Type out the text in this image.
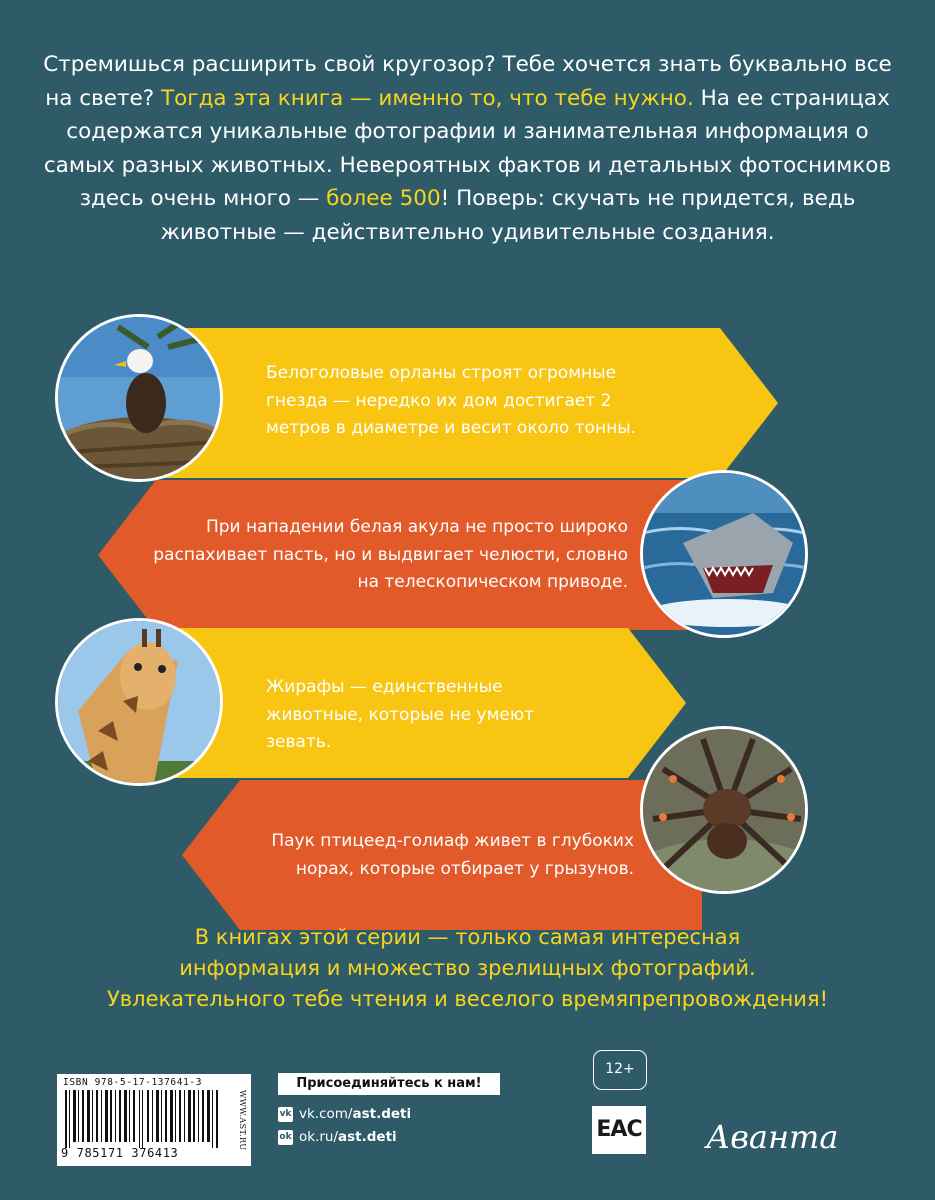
Стремишься расширить свой кругозор? Тебе хочется знать буквально все на свете? Тогда эта книга — именно то, что тебе нужно. На ее страницах содержатся уникальные фотографии и занимательная информация о самых разных животных. Невероятных фактов и детальных фотоснимков здесь очень много — более 500! Поверь: скучать не придется, ведь животные — действительно удивительные создания.

Белоголовые орланы строят огромные гнезда — нередко их дом достигает 2 метров в диаметре и весит около тонны.

При нападении белая акула не просто широко распахивает пасть, но и выдвигает челюсти, словно на телескопическом приводе.

Жирафы — единственные животные, которые не умеют зевать.

Паук птицеед-голиаф живет в глубоких норах, которые отбирает у грызунов.

В книгах этой серии — только самая интересная
информация и множество зрелищных фотографий.
Увлекательного тебе чтения и веселого времяпрепровождения!
ISBN 978-5-17-137641-3
9 785171 376413
WWW.AST.RU
Присоединяйтесь к нам!
vk vk.com/ast.deti
ok ok.ru/ast.deti
12+
EAC Аванта
